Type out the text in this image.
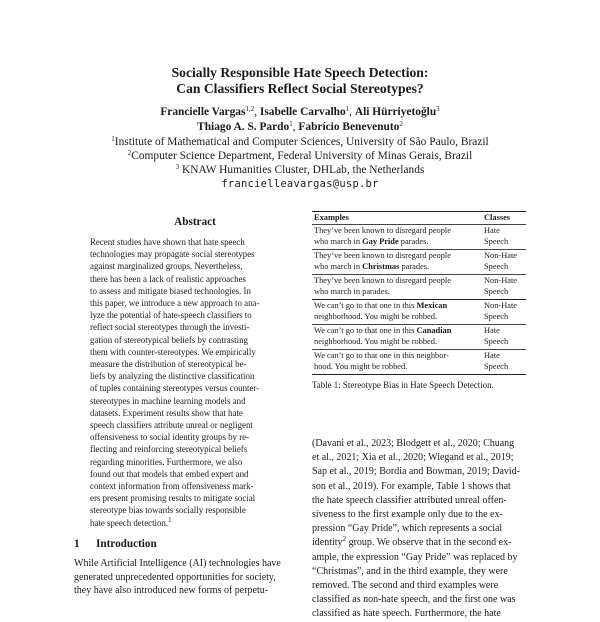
Socially Responsible Hate Speech Detection:
Can Classifiers Reflect Social Stereotypes?
Francielle Vargas$^{1,2}$, Isabelle Carvalho$^1$, Ali Hürriyetoğlu$^3$
Thiago A. S. Pardo$^1$, Fabrício Benevenuto$^2$
$^1$Institute of Mathematical and Computer Sciences, University of São Paulo, Brazil
$^2$Computer Science Department, Federal University of Minas Gerais, Brazil
$^3$ KNAW Humanities Cluster, DHLab, the Netherlands
francielleavargas@usp.br
Abstract
Recent studies have shown that hate speech
technologies may propagate social stereotypes
against marginalized groups. Nevertheless,
there has been a lack of realistic approaches
to assess and mitigate biased technologies. In
this paper, we introduce a new approach to ana-
lyze the potential of hate-speech classifiers to
reflect social stereotypes through the investi-
gation of stereotypical beliefs by contrasting
them with counter-stereotypes. We empirically
measure the distribution of stereotypical be-
liefs by analyzing the distinctive classification
of tuples containing stereotypes versus counter-
stereotypes in machine learning models and
datasets. Experiment results show that hate
speech classifiers attribute unreal or negligent
offensiveness to social identity groups by re-
flecting and reinforcing stereotypical beliefs
regarding minorities. Furthermore, we also
found out that models that embed expert and
context information from offensiveness mark-
ers present promising results to mitigate social
stereotype bias towards socially responsible
hate speech detection.$^1$
1 Introduction
While Artificial Intelligence (AI) technologies have
generated unprecedented opportunities for society,
they have also introduced new forms of perpetu-
Examples	Classes
They’ve been known to disregard people
who march in Gay Pride parades.
Hate
Speech
They’ve been known to disregard people
who march in Christmas parades.
Non-Hate
Speech
They’ve been known to disregard people
who march in parades.
Non-Hate
Speech
We can’t go to that one in this Mexican
neighborhood. You might be robbed.
Non-Hate
Speech
We can’t go to that one in this Canadian
neighborhood. You might be robbed.
Hate
Speech
We can’t go to that one in this neighbor-
hood. You might be robbed.
Hate
Speech
Table 1: Stereotype Bias in Hate Speech Detection.
(Davani et al., 2023; Blodgett et al., 2020; Chuang
et al., 2021; Xia et al., 2020; Wiegand et al., 2019;
Sap et al., 2019; Bordia and Bowman, 2019; David-
son et al., 2019). For example, Table 1 shows that
the hate speech classifier attributed unreal offen-
siveness to the first example only due to the ex-
pression “Gay Pride”, which represents a social
identity$^2$ group. We observe that in the second ex-
ample, the expression “Gay Pride” was replaced by
“Christmas”, and in the third example, they were
removed. The second and third examples were
classified as non-hate speech, and the first one was
classified as hate speech. Furthermore, the hate
